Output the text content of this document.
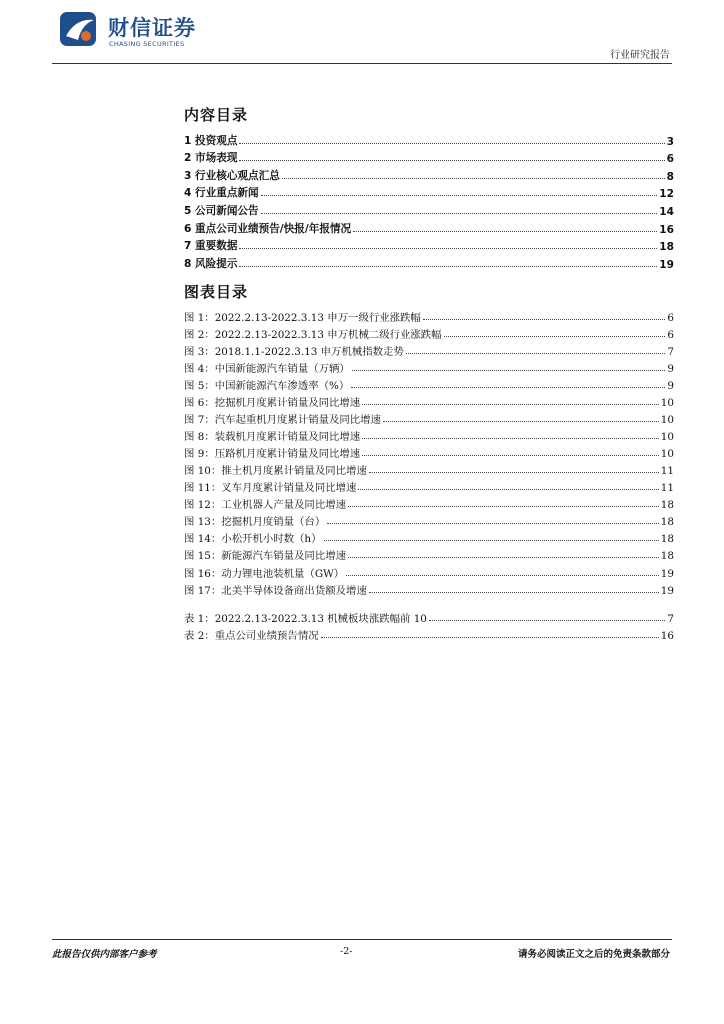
财信证券
CHASING SECURITIES
行业研究报告
内容目录
1 投资观点	3
2 市场表现	6
3 行业核心观点汇总	8
4 行业重点新闻	12
5 公司新闻公告	14
6 重点公司业绩预告/快报/年报情况	16
7 重要数据	18
8 风险提示	19
图表目录
图 1：2022.2.13-2022.3.13 申万一级行业涨跌幅	6
图 2：2022.2.13-2022.3.13 申万机械二级行业涨跌幅	6
图 3：2018.1.1-2022.3.13 申万机械指数走势	7
图 4：中国新能源汽车销量（万辆）	9
图 5：中国新能源汽车渗透率（%）	9
图 6：挖掘机月度累计销量及同比增速	10
图 7：汽车起重机月度累计销量及同比增速	10
图 8：装载机月度累计销量及同比增速	10
图 9：压路机月度累计销量及同比增速	10
图 10：推土机月度累计销量及同比增速	11
图 11：叉车月度累计销量及同比增速	11
图 12：工业机器人产量及同比增速	18
图 13：挖掘机月度销量（台）	18
图 14：小松开机小时数（h）	18
图 15：新能源汽车销量及同比增速	18
图 16：动力锂电池装机量（GW）	19
图 17：北美半导体设备商出货额及增速	19
表 1：2022.2.13-2022.3.13 机械板块涨跌幅前 10	7
表 2：重点公司业绩预告情况	16
此报告仅供内部客户参考	-2-	请务必阅读正文之后的免责条款部分
